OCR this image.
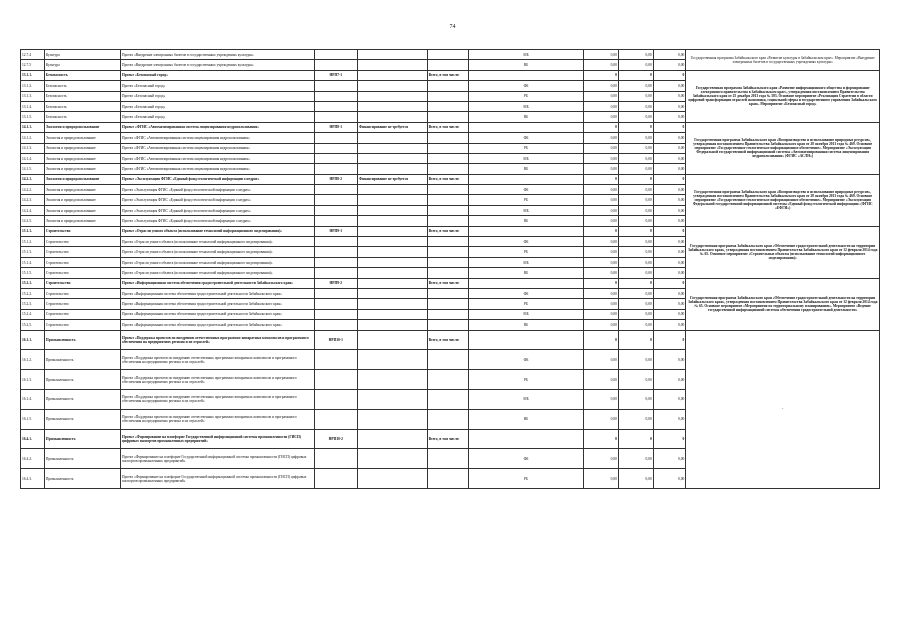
74
12.7.4	Культура	Проект «Внедрение электронных билетов в государственных учреждениях культуры»				МБ	0,00	0,00	0,00	Государственная программа Забайкальского края «Развитие культуры в Забайкальском крае». Мероприятие «Внедрение электронных билетов в государственных учреждениях культуры»
12.7.5	Культура	Проект «Внедрение электронных билетов в государственных учреждениях культуры»				ВБ	0,00	0,00	0,00	
13.1.1.	Безопасность	Проект «Безопасный город»	НРП7-1		Всего, в том числе:		0	0	0	Государственная программа Забайкальского края «Развитие информационного общества и формирование электронного правительства в Забайкальском крае», утвержденная постановлением Правительства Забайкальского края от 25 декабря 2013 года № 583. Основное мероприятие «Реализация Стратегии в области цифровой трансформации отраслей экономики, социальной сферы и государственного управления Забайкальского края». Мероприятие «Безопасный город»
13.1.2.	Безопасность	Проект «Безопасный город»				ФБ	0,00	0,00	0,00	
13.1.3.	Безопасность	Проект «Безопасный город»				РБ	0,00	0,00	0,00	
13.1.4.	Безопасность	Проект «Безопасный город»				МБ	0,00	0,00	0,00	
13.1.5.	Безопасность	Проект «Безопасный город»				ВБ	0,00	0,00	0,00	
14.1.1.	Экология и природопользование	Проект «ФГИС «Автоматизированная система лицензирования недропользования»	НРП8-1	Финансирование не требуется	Всего, в том числе:		0	0	0	Государственная программа Забайкальского края «Воспроизводство и использование природных ресурсов», утвержденная постановлением Правительства Забайкальского края от 28 октября 2013 года № 469. Основное мероприятие «Государственное геологическое информационное обеспечение». Мероприятие «Эксплуатация Федеральной государственной информационной системы «Автоматизированная система лицензирования недропользования» (ФГИС «АСЛН»)
14.1.2.	Экология и природопользование	Проект «ФГИС «Автоматизированная система лицензирования недропользования»				ФБ	0,00	0,00	0,00	
14.1.3.	Экология и природопользование	Проект «ФГИС «Автоматизированная система лицензирования недропользования»				РБ	0,00	0,00	0,00	
14.1.4.	Экология и природопользование	Проект «ФГИС «Автоматизированная система лицензирования недропользования»				МБ	0,00	0,00	0,00	
14.1.5.	Экология и природопользование	Проект «ФГИС «Автоматизированная система лицензирования недропользования»				ВБ	0,00	0,00	0,00	
14.2.1.	Экология и природопользование	Проект «Эксплуатация ФГИС «Единый фонд геологической информации о недрах»	НРП8-2	Финансирование не требуется	Всего, в том числе:		0	0	0	Государственная программа Забайкальского края «Воспроизводство и использование природных ресурсов», утвержденная постановлением Правительства Забайкальского края от 28 октября 2013 года № 469. Основное мероприятие «Государственное геологическое информационное обеспечение». Мероприятие «Эксплуатация Федеральной государственной информационной системы «Единый фонд геологической информации» (ФГИС «ЕФГИ»)
14.2.2.	Экология и природопользование	Проект «Эксплуатация ФГИС «Единый фонд геологической информации о недрах»				ФБ	0,00	0,00	0,00	
14.2.3.	Экология и природопользование	Проект «Эксплуатация ФГИС «Единый фонд геологической информации о недрах»				РБ	0,00	0,00	0,00	
14.2.4.	Экология и природопользование	Проект «Эксплуатация ФГИС «Единый фонд геологической информации о недрах»				МБ	0,00	0,00	0,00	
14.2.5.	Экология и природопользование	Проект «Эксплуатация ФГИС «Единый фонд геологической информации о недрах»				ВБ	0,00	0,00	0,00	
15.1.1.	Строительство	Проект «Отрасли умного объекта (использование технологий информационного моделирования)»	НРП9-1		Всего, в том числе:		0	0	0	Государственная программа Забайкальского края «Обеспечение градостроительной деятельности на территории Забайкальского края», утвержденная постановлением Правительства Забайкальского края от 12 февраля 2014 года № 65. Основное мероприятие «Строительные объекты (использование технологий информационного моделирования)»
15.1.2.	Строительство	Проект «Отрасли умного объекта (использование технологий информационного моделирования)»				ФБ	0,00	0,00	0,00	
15.1.3.	Строительство	Проект «Отрасли умного объекта (использование технологий информационного моделирования)»				РБ	0,00	0,00	0,00	
15.1.4.	Строительство	Проект «Отрасли умного объекта (использование технологий информационного моделирования)»				МБ	0,00	0,00	0,00	
15.1.5.	Строительство	Проект «Отрасли умного объекта (использование технологий информационного моделирования)»				ВБ	0,00	0,00	0,00	
15.2.1.	Строительство	Проект «Информационная система обеспечения градостроительной деятельности Забайкальского края»	НРП9-2		Всего, в том числе:		0	0	0	Государственная программа Забайкальского края «Обеспечение градостроительной деятельности на территории Забайкальского края», утвержденная постановлением Правительства Забайкальского края от 12 февраля 2014 года № 65. Основное мероприятие «Мероприятия по территориальному планированию». Мероприятие «Ведение государственной информационной системы обеспечения градостроительной деятельности»
15.2.2.	Строительство	Проект «Информационная система обеспечения градостроительной деятельности Забайкальского края»				ФБ	0,00	0,00	0,00	
15.2.3.	Строительство	Проект «Информационная система обеспечения градостроительной деятельности Забайкальского края»				РБ	0,00	0,00	0,00	
15.2.4.	Строительство	Проект «Информационная система обеспечения градостроительной деятельности Забайкальского края»				МБ	0,00	0,00	0,00	
15.2.5.	Строительство	Проект «Информационная система обеспечения градостроительной деятельности Забайкальского края»				ВБ	0,00	0,00	0,00	
16.1.1.	Промышленность	Проект «Поддержка проектов по внедрению отечественных программно-аппаратных комплексов и программного обеспечения на предприятиях региона и их отраслей»	НРП10-1		Всего, в том числе:		0	0	0	-
16.1.2.	Промышленность	Проект «Поддержка проектов по внедрению отечественных программно-аппаратных комплексов и программного обеспечения на предприятиях региона и их отраслей»				ФБ	0,00	0,00	0,00	
16.1.3.	Промышленность	Проект «Поддержка проектов по внедрению отечественных программно-аппаратных комплексов и программного обеспечения на предприятиях региона и их отраслей»				РБ	0,00	0,00	0,00	
16.1.4.	Промышленность	Проект «Поддержка проектов по внедрению отечественных программно-аппаратных комплексов и программного обеспечения на предприятиях региона и их отраслей»				МБ	0,00	0,00	0,00	
16.1.5.	Промышленность	Проект «Поддержка проектов по внедрению отечественных программно-аппаратных комплексов и программного обеспечения на предприятиях региона и их отраслей»				ВБ	0,00	0,00	0,00	
16.4.1.	Промышленность	Проект «Формирование на платформе Государственной информационной системы промышленности (ГИСП) цифровых паспортов промышленных предприятий»	НРП10-2		Всего, в том числе:		0	0	0	
16.4.2.	Промышленность	Проект «Формирование на платформе Государственной информационной системы промышленности (ГИСП) цифровых паспортов промышленных предприятий»				ФБ	0,00	0,00	0,00	
16.4.3.	Промышленность	Проект «Формирование на платформе Государственной информационной системы промышленности (ГИСП) цифровых паспортов промышленных предприятий»				РБ	0,00	0,00	0,00	
